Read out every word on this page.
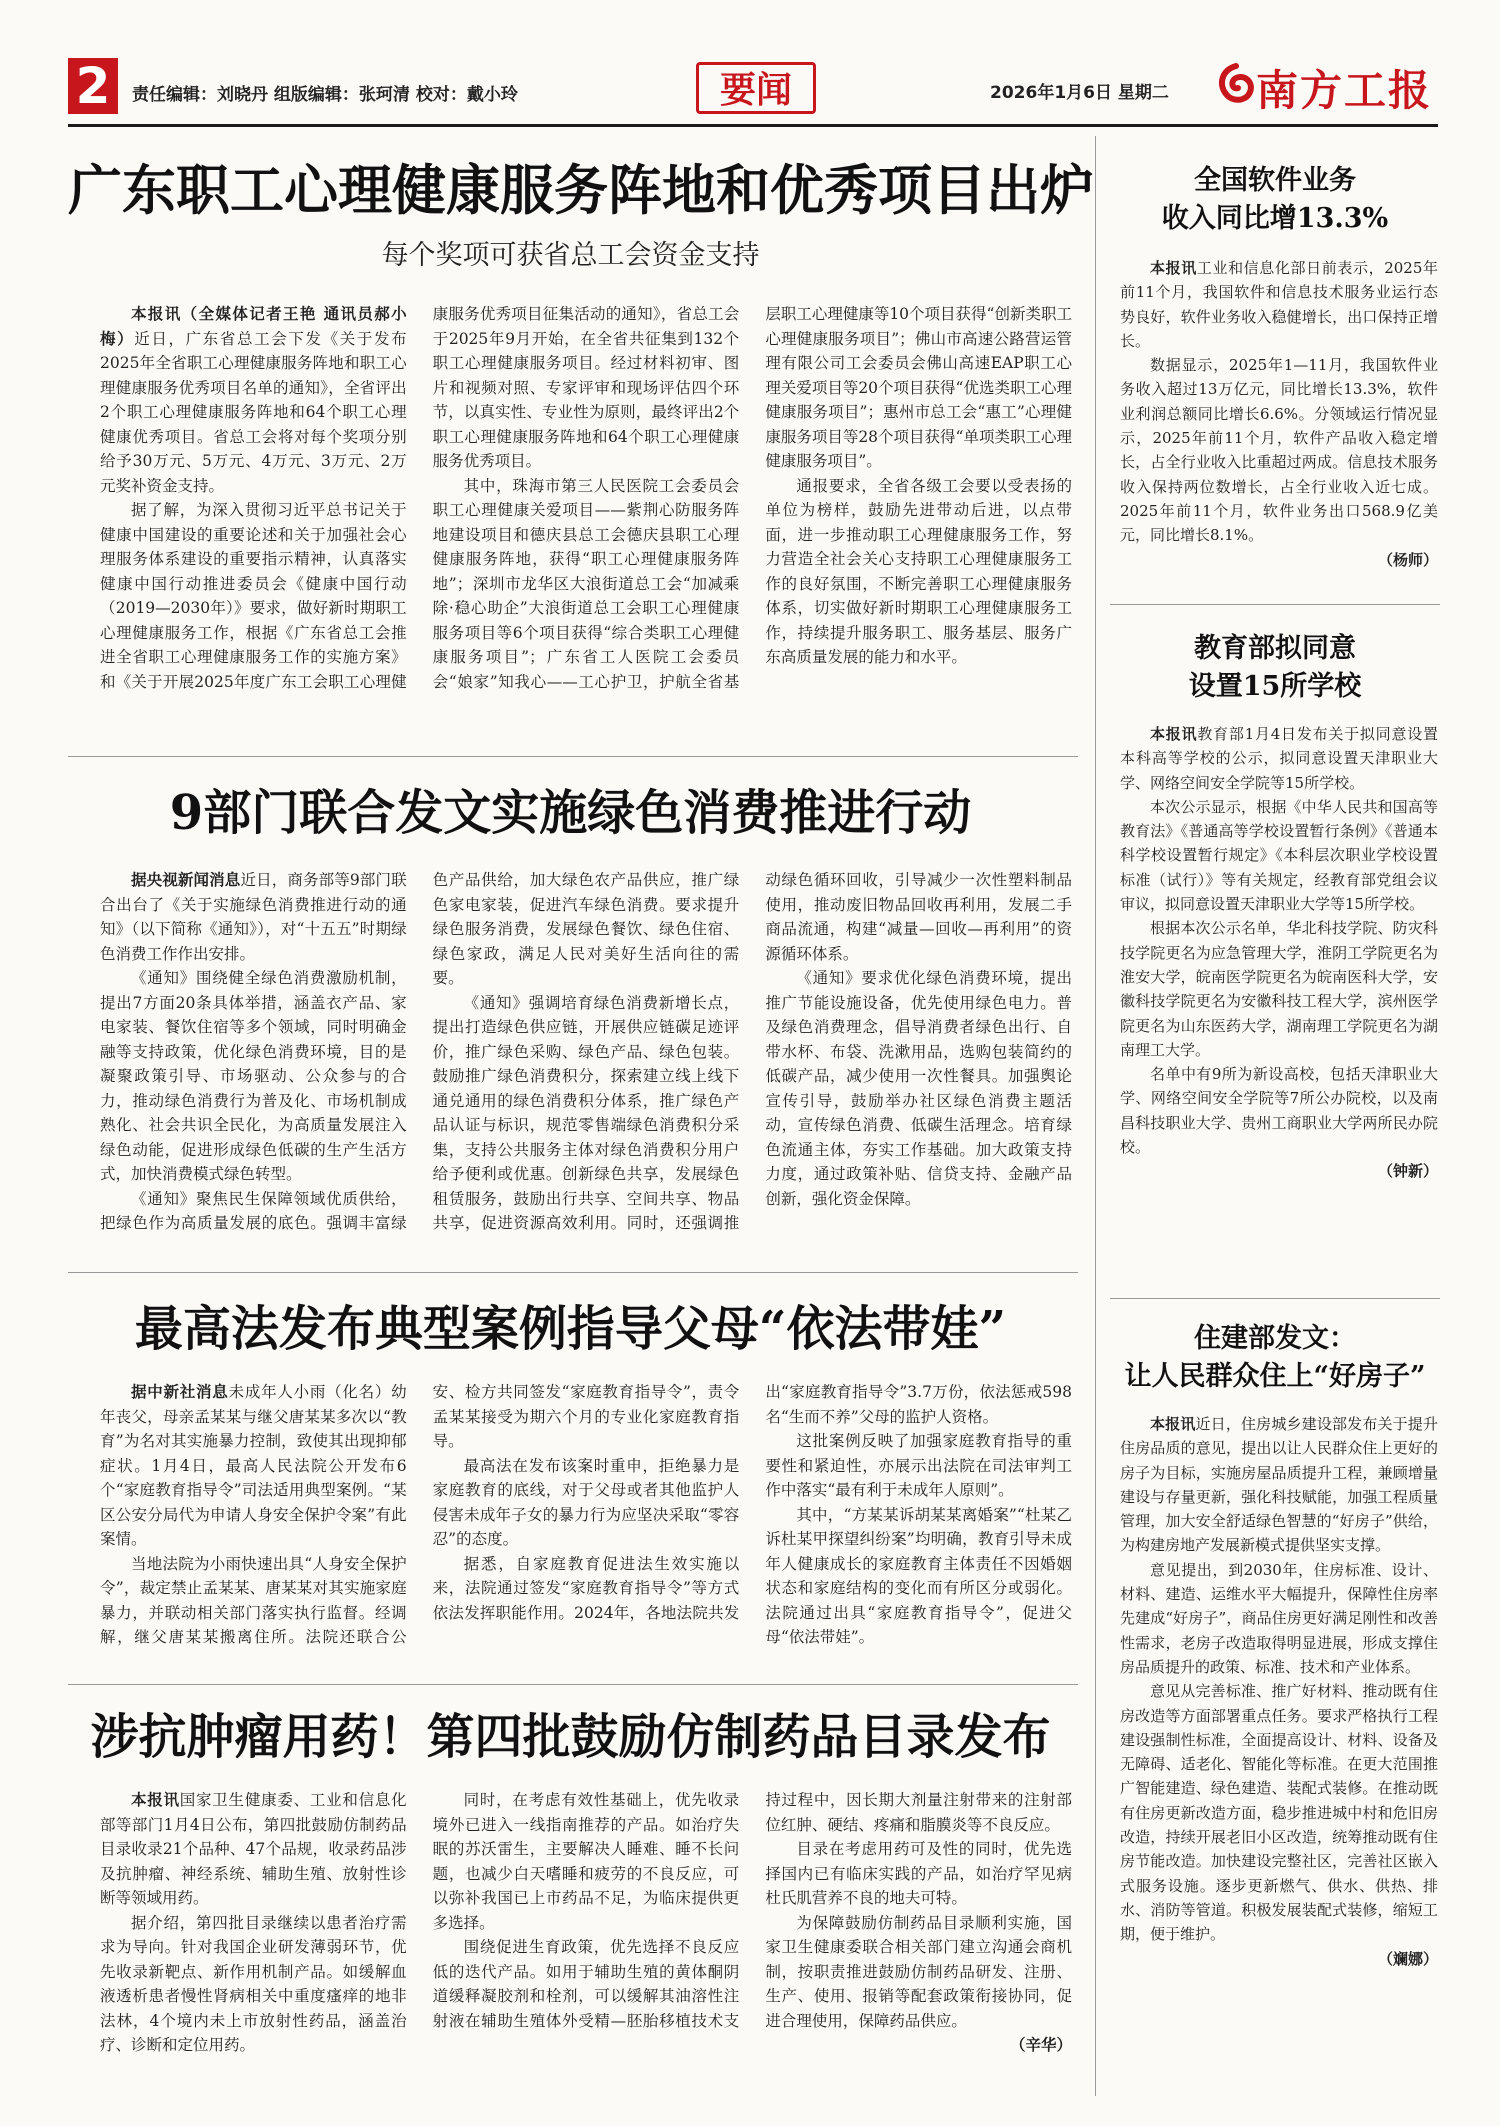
2	责任编辑：刘晓丹 组版编辑：张珂清 校对：戴小玲	要闻	2026年1月6日 星期二 南方工报
广东职工心理健康服务阵地和优秀项目出炉
每个奖项可获省总工会资金支持

本报讯（全媒体记者王艳 通讯员郝小梅）近日，广东省总工会下发《关于发布2025年全省职工心理健康服务阵地和职工心理健康服务优秀项目名单的通知》，全省评出2个职工心理健康服务阵地和64个职工心理健康优秀项目。省总工会将对每个奖项分别给予30万元、5万元、4万元、3万元、2万元奖补资金支持。

据了解，为深入贯彻习近平总书记关于健康中国建设的重要论述和关于加强社会心理服务体系建设的重要指示精神，认真落实健康中国行动推进委员会《健康中国行动（2019—2030年）》要求，做好新时期职工心理健康服务工作，根据《广东省总工会推进全省职工心理健康服务工作的实施方案》和《关于开展2025年度广东工会职工心理健康服务优秀项目征集活动的通知》，省总工会于2025年9月开始，在全省共征集到132个职工心理健康服务项目。经过材料初审、图片和视频对照、专家评审和现场评估四个环节，以真实性、专业性为原则，最终评出2个职工心理健康服务阵地和64个职工心理健康服务优秀项目。

其中，珠海市第三人民医院工会委员会职工心理健康关爱项目——紫荆心防服务阵地建设项目和德庆县总工会德庆县职工心理健康服务阵地，获得“职工心理健康服务阵地”；深圳市龙华区大浪街道总工会“加减乘除·稳心助企”大浪街道总工会职工心理健康服务项目等6个项目获得“综合类职工心理健康服务项目”；广东省工人医院工会委员会“娘家”知我心——工心护卫，护航全省基层职工心理健康等10个项目获得“创新类职工心理健康服务项目”；佛山市高速公路营运管理有限公司工会委员会佛山高速EAP职工心理关爱项目等20个项目获得“优选类职工心理健康服务项目”；惠州市总工会“惠工”心理健康服务项目等28个项目获得“单项类职工心理健康服务项目”。

通报要求，全省各级工会要以受表扬的单位为榜样，鼓励先进带动后进，以点带面，进一步推动职工心理健康服务工作，努力营造全社会关心支持职工心理健康服务工作的良好氛围，不断完善职工心理健康服务体系，切实做好新时期职工心理健康服务工作，持续提升服务职工、服务基层、服务广东高质量发展的能力和水平。

9部门联合发文实施绿色消费推进行动

据央视新闻消息近日，商务部等9部门联合出台了《关于实施绿色消费推进行动的通知》（以下简称《通知》），对“十五五”时期绿色消费工作作出安排。

《通知》围绕健全绿色消费激励机制，提出7方面20条具体举措，涵盖衣产品、家电家装、餐饮住宿等多个领域，同时明确金融等支持政策，优化绿色消费环境，目的是凝聚政策引导、市场驱动、公众参与的合力，推动绿色消费行为普及化、市场机制成熟化、社会共识全民化，为高质量发展注入绿色动能，促进形成绿色低碳的生产生活方式，加快消费模式绿色转型。

《通知》聚焦民生保障领域优质供给，把绿色作为高质量发展的底色。强调丰富绿色产品供给，加大绿色农产品供应，推广绿色家电家装，促进汽车绿色消费。要求提升绿色服务消费，发展绿色餐饮、绿色住宿、绿色家政，满足人民对美好生活向往的需要。

《通知》强调培育绿色消费新增长点，提出打造绿色供应链，开展供应链碳足迹评价，推广绿色采购、绿色产品、绿色包装。鼓励推广绿色消费积分，探索建立线上线下通兑通用的绿色消费积分体系，推广绿色产品认证与标识，规范零售端绿色消费积分采集，支持公共服务主体对绿色消费积分用户给予便利或优惠。创新绿色共享，发展绿色租赁服务，鼓励出行共享、空间共享、物品共享，促进资源高效利用。同时，还强调推动绿色循环回收，引导减少一次性塑料制品使用，推动废旧物品回收再利用，发展二手商品流通，构建“减量—回收—再利用”的资源循环体系。

《通知》要求优化绿色消费环境，提出推广节能设施设备，优先使用绿色电力。普及绿色消费理念，倡导消费者绿色出行、自带水杯、布袋、洗漱用品，选购包装简约的低碳产品，减少使用一次性餐具。加强舆论宣传引导，鼓励举办社区绿色消费主题活动，宣传绿色消费、低碳生活理念。培育绿色流通主体，夯实工作基础。加大政策支持力度，通过政策补贴、信贷支持、金融产品创新，强化资金保障。

最高法发布典型案例指导父母“依法带娃”

据中新社消息未成年人小雨（化名）幼年丧父，母亲孟某某与继父唐某某多次以“教育”为名对其实施暴力控制，致使其出现抑郁症状。1月4日，最高人民法院公开发布6个“家庭教育指导令”司法适用典型案例。“某区公安分局代为申请人身安全保护令案”有此案情。

当地法院为小雨快速出具“人身安全保护令”，裁定禁止孟某某、唐某某对其实施家庭暴力，并联动相关部门落实执行监督。经调解，继父唐某某搬离住所。法院还联合公安、检方共同签发“家庭教育指导令”，责令孟某某接受为期六个月的专业化家庭教育指导。

最高法在发布该案时重申，拒绝暴力是家庭教育的底线，对于父母或者其他监护人侵害未成年子女的暴力行为应坚决采取“零容忍”的态度。

据悉，自家庭教育促进法生效实施以来，法院通过签发“家庭教育指导令”等方式依法发挥职能作用。2024年，各地法院共发出“家庭教育指导令”3.7万份，依法惩戒598名“生而不养”父母的监护人资格。

这批案例反映了加强家庭教育指导的重要性和紧迫性，亦展示出法院在司法审判工作中落实“最有利于未成年人原则”。

其中，“方某某诉胡某某离婚案”“杜某乙诉杜某甲探望纠纷案”均明确，教育引导未成年人健康成长的家庭教育主体责任不因婚姻状态和家庭结构的变化而有所区分或弱化。法院通过出具“家庭教育指导令”，促进父母“依法带娃”。

涉抗肿瘤用药！第四批鼓励仿制药品目录发布

本报讯国家卫生健康委、工业和信息化部等部门1月4日公布，第四批鼓励仿制药品目录收录21个品种、47个品规，收录药品涉及抗肿瘤、神经系统、辅助生殖、放射性诊断等领域用药。

据介绍，第四批目录继续以患者治疗需求为导向。针对我国企业研发薄弱环节，优先收录新靶点、新作用机制产品。如缓解血液透析患者慢性肾病相关中重度瘙痒的地非法林，4个境内未上市放射性药品，涵盖治疗、诊断和定位用药。

同时，在考虑有效性基础上，优先收录境外已进入一线指南推荐的产品。如治疗失眠的苏沃雷生，主要解决人睡难、睡不长问题，也减少白天嗜睡和疲劳的不良反应，可以弥补我国已上市药品不足，为临床提供更多选择。

围绕促进生育政策，优先选择不良反应低的迭代产品。如用于辅助生殖的黄体酮阴道缓释凝胶剂和栓剂，可以缓解其油溶性注射液在辅助生殖体外受精—胚胎移植技术支持过程中，因长期大剂量注射带来的注射部位红肿、硬结、疼痛和脂膜炎等不良反应。

目录在考虑用药可及性的同时，优先选择国内已有临床实践的产品，如治疗罕见病杜氏肌营养不良的地夫可特。

为保障鼓励仿制药品目录顺利实施，国家卫生健康委联合相关部门建立沟通会商机制，按职责推进鼓励仿制药品研发、注册、生产、使用、报销等配套政策衔接协同，促进合理使用，保障药品供应。

（辛华）

全国软件业务
收入同比增13.3%

本报讯工业和信息化部日前表示，2025年前11个月，我国软件和信息技术服务业运行态势良好，软件业务收入稳健增长，出口保持正增长。

数据显示，2025年1—11月，我国软件业务收入超过13万亿元，同比增长13.3%，软件业利润总额同比增长6.6%。分领域运行情况显示，2025年前11个月，软件产品收入稳定增长，占全行业收入比重超过两成。信息技术服务收入保持两位数增长，占全行业收入近七成。2025年前11个月，软件业务出口568.9亿美元，同比增长8.1%。

（杨师）

教育部拟同意
设置15所学校

本报讯教育部1月4日发布关于拟同意设置本科高等学校的公示，拟同意设置天津职业大学、网络空间安全学院等15所学校。

本次公示显示，根据《中华人民共和国高等教育法》《普通高等学校设置暂行条例》《普通本科学校设置暂行规定》《本科层次职业学校设置标准（试行）》等有关规定，经教育部党组会议审议，拟同意设置天津职业大学等15所学校。

根据本次公示名单，华北科技学院、防灾科技学院更名为应急管理大学，淮阴工学院更名为淮安大学，皖南医学院更名为皖南医科大学，安徽科技学院更名为安徽科技工程大学，滨州医学院更名为山东医药大学，湖南理工学院更名为湖南理工大学。

名单中有9所为新设高校，包括天津职业大学、网络空间安全学院等7所公办院校，以及南昌科技职业大学、贵州工商职业大学两所民办院校。

（钟新）

住建部发文：
让人民群众住上“好房子”

本报讯近日，住房城乡建设部发布关于提升住房品质的意见，提出以让人民群众住上更好的房子为目标，实施房屋品质提升工程，兼顾增量建设与存量更新，强化科技赋能，加强工程质量管理，加大安全舒适绿色智慧的“好房子”供给，为构建房地产发展新模式提供坚实支撑。

意见提出，到2030年，住房标准、设计、材料、建造、运维水平大幅提升，保障性住房率先建成“好房子”，商品住房更好满足刚性和改善性需求，老房子改造取得明显进展，形成支撑住房品质提升的政策、标准、技术和产业体系。

意见从完善标准、推广好材料、推动既有住房改造等方面部署重点任务。要求严格执行工程建设强制性标准，全面提高设计、材料、设备及无障碍、适老化、智能化等标准。在更大范围推广智能建造、绿色建造、装配式装修。在推动既有住房更新改造方面，稳步推进城中村和危旧房改造，持续开展老旧小区改造，统筹推动既有住房节能改造。加快建设完整社区，完善社区嵌入式服务设施。逐步更新燃气、供水、供热、排水、消防等管道。积极发展装配式装修，缩短工期，便于维护。

（斓娜）
